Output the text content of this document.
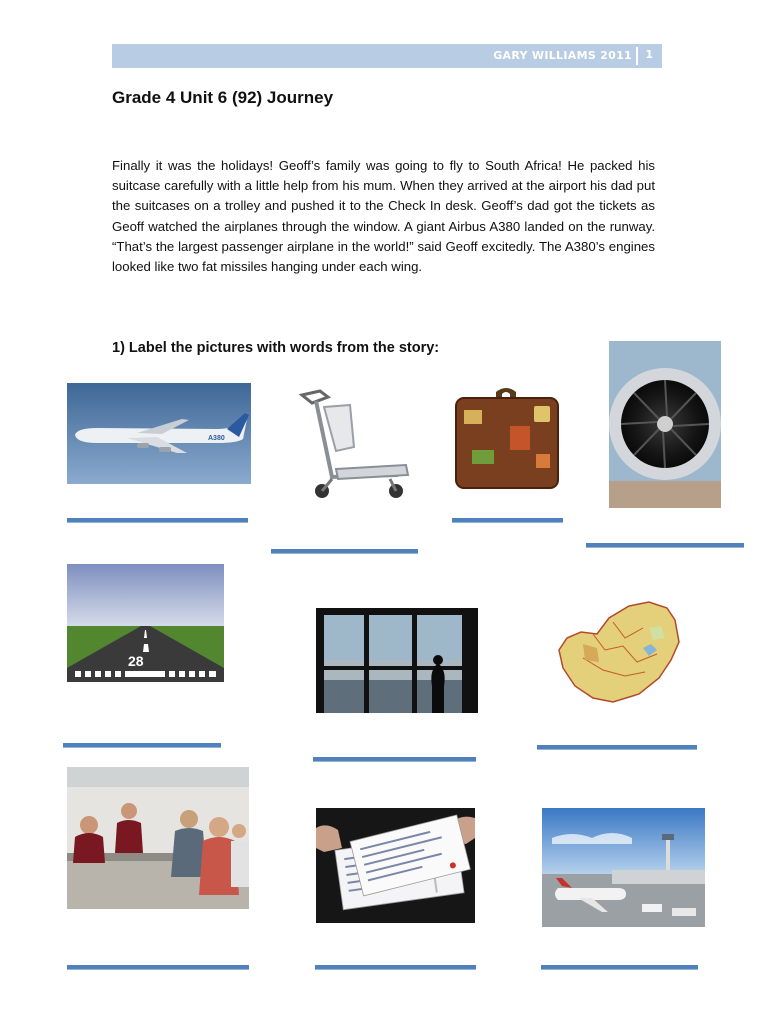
GARY WILLIAMS 2011 1
Grade 4 Unit 6 (92) Journey
Finally it was the holidays! Geoff’s family was going to fly to South Africa! He packed his suitcase carefully with a little help from his mum. When they arrived at the airport his dad put the suitcases on a trolley and pushed it to the Check In desk. Geoff’s dad got the tickets as Geoff watched the airplanes through the window. A giant Airbus A380 landed on the runway. “That’s the largest passenger airplane in the world!” said Geoff excitedly. The A380’s engines looked like two fat missiles hanging under each wing.
1) Label the pictures with words from the story:
A380
28
